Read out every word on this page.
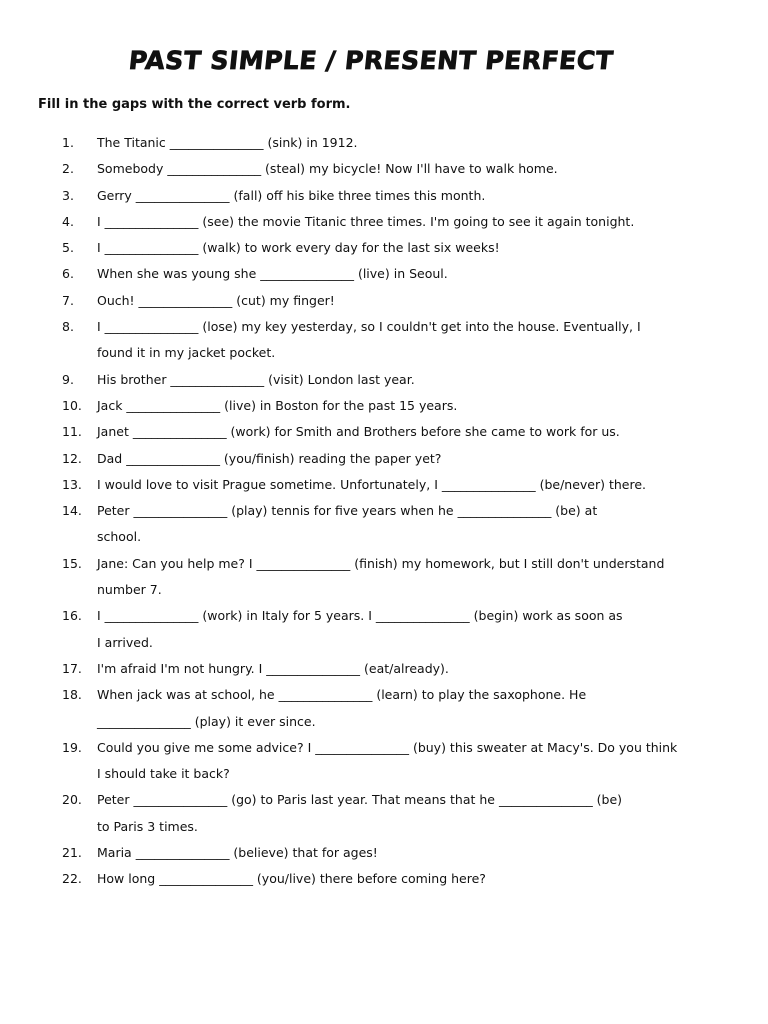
PAST SIMPLE / PRESENT PERFECT
Fill in the gaps with the correct verb form.
1. The Titanic _______________ (sink) in 1912.
2. Somebody _______________ (steal) my bicycle! Now I'll have to walk home.
3. Gerry _______________ (fall) off his bike three times this month.
4. I _______________ (see) the movie Titanic three times. I'm going to see it again tonight.
5. I _______________ (walk) to work every day for the last six weeks!
6. When she was young she _______________ (live) in Seoul.
7. Ouch! _______________ (cut) my finger!
8. I _______________ (lose) my key yesterday, so I couldn't get into the house. Eventually, I
found it in my jacket pocket.
9. His brother _______________ (visit) London last year.
10. Jack _______________ (live) in Boston for the past 15 years.
11. Janet _______________ (work) for Smith and Brothers before she came to work for us.
12. Dad _______________ (you/finish) reading the paper yet?
13. I would love to visit Prague sometime. Unfortunately, I _______________ (be/never) there.
14. Peter _______________ (play) tennis for five years when he _______________ (be) at
school.
15. Jane: Can you help me? I _______________ (finish) my homework, but I still don't understand
number 7.
16. I _______________ (work) in Italy for 5 years. I _______________ (begin) work as soon as
I arrived.
17. I'm afraid I'm not hungry. I _______________ (eat/already).
18. When jack was at school, he _______________ (learn) to play the saxophone. He
_______________ (play) it ever since.
19. Could you give me some advice? I _______________ (buy) this sweater at Macy's. Do you think
I should take it back?
20. Peter _______________ (go) to Paris last year. That means that he _______________ (be)
to Paris 3 times.
21. Maria _______________ (believe) that for ages!
22. How long _______________ (you/live) there before coming here?
